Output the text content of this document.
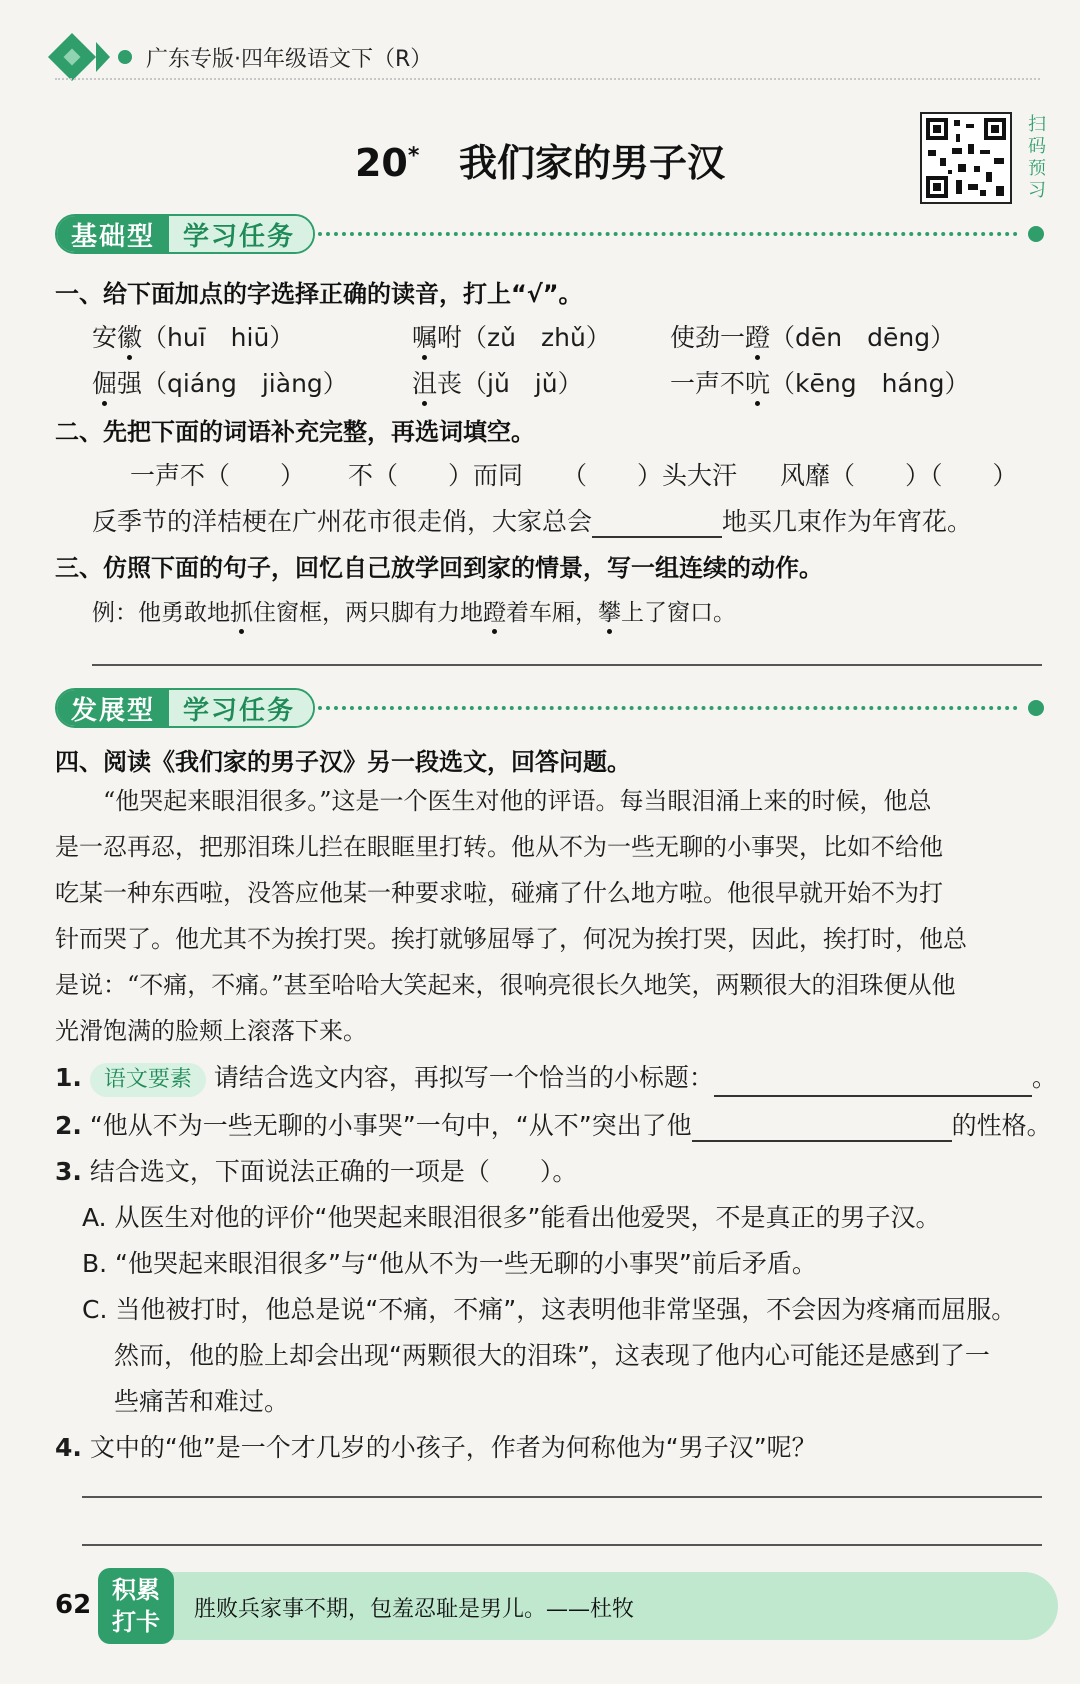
广东专版·四年级语文下（R）
20* 我们家的男子汉	扫码预习
基础型	学习任务
一、给下面加点的字选择正确的读音，打上“√”。
安徽（huī　hiū）	嘱咐（zǔ　zhǔ） 使劲一蹬（dēn　dēng）
倔强（qiáng　jiàng）	沮丧（jǔ　jǔ）	一声不吭（kēng　háng）
二、先把下面的词语补充完整，再选词填空。
一声不（　　） 不（　　）而同 （　　）头大汗 风靡（　　）（　　）
反季节的洋桔梗在广州花市很走俏，大家总会	地买几束作为年宵花。
三、仿照下面的句子，回忆自己放学回到家的情景，写一组连续的动作。
例：他勇敢地抓住窗框，两只脚有力地蹬着车厢，攀上了窗口。
发展型	学习任务
四、阅读《我们家的男子汉》另一段选文，回答问题。
　　“他哭起来眼泪很多。”这是一个医生对他的评语。每当眼泪涌上来的时候，他总
是一忍再忍，把那泪珠儿拦在眼眶里打转。他从不为一些无聊的小事哭，比如不给他
吃某一种东西啦，没答应他某一种要求啦，碰痛了什么地方啦。他很早就开始不为打
针而哭了。他尤其不为挨打哭。挨打就够屈辱了，何况为挨打哭，因此，挨打时，他总
是说：“不痛，不痛。”甚至哈哈大笑起来，很响亮很长久地笑，两颗很大的泪珠便从他
光滑饱满的脸颊上滚落下来。
1. 语文要素 请结合选文内容，再拟写一个恰当的小标题：	。
2. “他从不为一些无聊的小事哭”一句中，“从不”突出了他	的性格。
3. 结合选文，下面说法正确的一项是（　　）。
A. 从医生对他的评价“他哭起来眼泪很多”能看出他爱哭，不是真正的男子汉。
B. “他哭起来眼泪很多”与“他从不为一些无聊的小事哭”前后矛盾。
C. 当他被打时，他总是说“不痛，不痛”，这表明他非常坚强，不会因为疼痛而屈服。
然而，他的脸上却会出现“两颗很大的泪珠”，这表现了他内心可能还是感到了一
些痛苦和难过。
4. 文中的“他”是一个才几岁的小孩子，作者为何称他为“男子汉”呢？
62 积累
打卡	胜败兵家事不期，包羞忍耻是男儿。——杜牧
